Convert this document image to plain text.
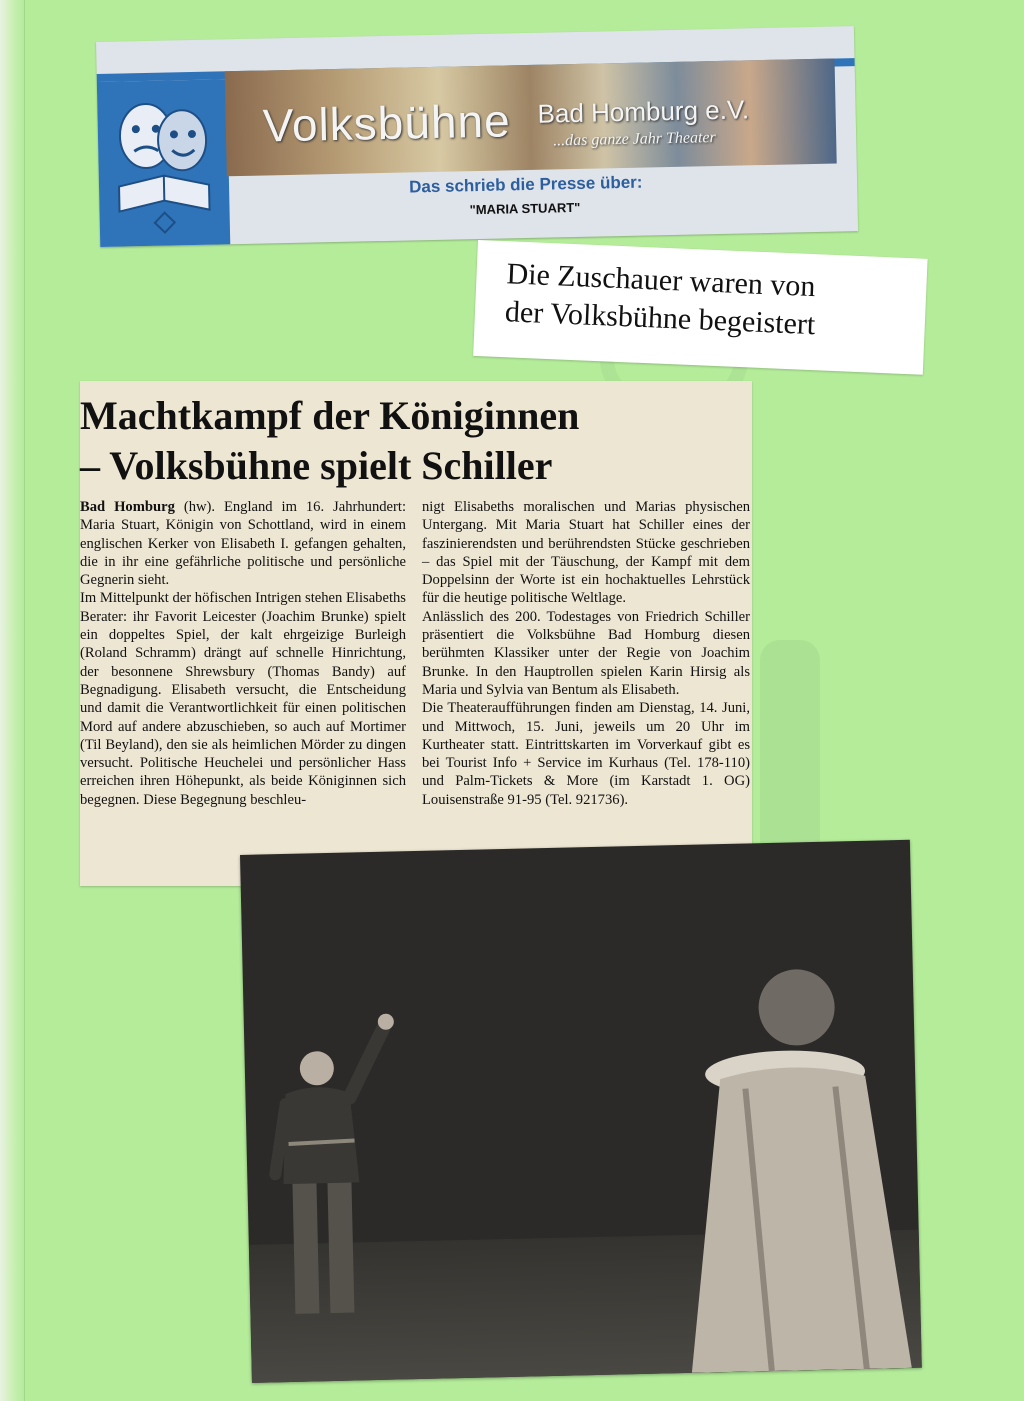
Volksbühne Bad Homburg e.V.
...das ganze Jahr Theater
Das schrieb die Presse über:
"MARIA STUART"
Die Zuschauer waren von
der Volksbühne begeistert
Machtkampf der Königinnen
– Volksbühne spielt Schiller

Bad Homburg (hw). England im 16. Jahrhundert: Maria Stuart, Königin von Schottland, wird in einem englischen Kerker von Elisabeth I. gefangen gehalten, die in ihr eine gefährliche politische und persönliche Gegnerin sieht.

Im Mittelpunkt der höfischen Intrigen stehen Elisabeths Berater: ihr Favorit Leicester (Joachim Brunke) spielt ein doppeltes Spiel, der kalt ehrgeizige Burleigh (Roland Schramm) drängt auf schnelle Hinrichtung, der besonnene Shrewsbury (Thomas Bandy) auf Begnadigung. Elisabeth versucht, die Entscheidung und damit die Verantwortlichkeit für einen politischen Mord auf andere abzuschieben, so auch auf Mortimer (Til Beyland), den sie als heimlichen Mörder zu dingen versucht. Politische Heuchelei und persönlicher Hass erreichen ihren Höhepunkt, als beide Königinnen sich begegnen. Diese Begegnung beschleu-

nigt Elisabeths moralischen und Marias physischen Untergang. Mit Maria Stuart hat Schiller eines der faszinierendsten und berührendsten Stücke geschrieben – das Spiel mit der Täuschung, der Kampf mit dem Doppelsinn der Worte ist ein hochaktuelles Lehrstück für die heutige politische Weltlage.

Anlässlich des 200. Todestages von Friedrich Schiller präsentiert die Volksbühne Bad Homburg diesen berühmten Klassiker unter der Regie von Joachim Brunke. In den Hauptrollen spielen Karin Hirsig als Maria und Sylvia van Bentum als Elisabeth.

Die Theateraufführungen finden am Dienstag, 14. Juni, und Mittwoch, 15. Juni, jeweils um 20 Uhr im Kurtheater statt. Eintrittskarten im Vorverkauf gibt es bei Tourist Info + Service im Kurhaus (Tel. 178-110) und Palm-Tickets & More (im Karstadt 1. OG) Louisenstraße 91-95 (Tel. 921736).
